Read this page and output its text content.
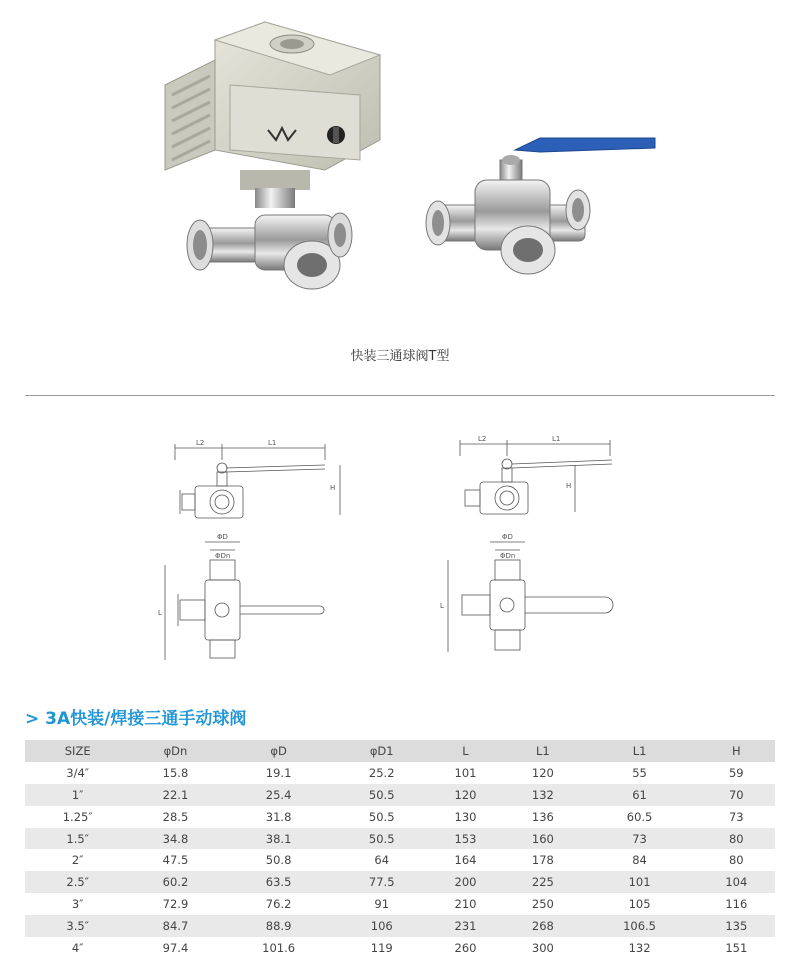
快装三通球阀T型
L2	L1
H
ΦD
ΦDn
L
L2	L1
H
ΦD
ΦDn
L
> 3A快装/焊接三通手动球阀
SIZE	φDn	φD	φD1	L	L1	L1	H
3/4″	15.8	19.1	25.2	101	120	55	59
1″	22.1	25.4	50.5	120	132	61	70
1.25″	28.5	31.8	50.5	130	136	60.5	73
1.5″	34.8	38.1	50.5	153	160	73	80
2″	47.5	50.8	64	164	178	84	80
2.5″	60.2	63.5	77.5	200	225	101	104
3″	72.9	76.2	91	210	250	105	116
3.5″	84.7	88.9	106	231	268	106.5	135
4″	97.4	101.6	119	260	300	132	151
